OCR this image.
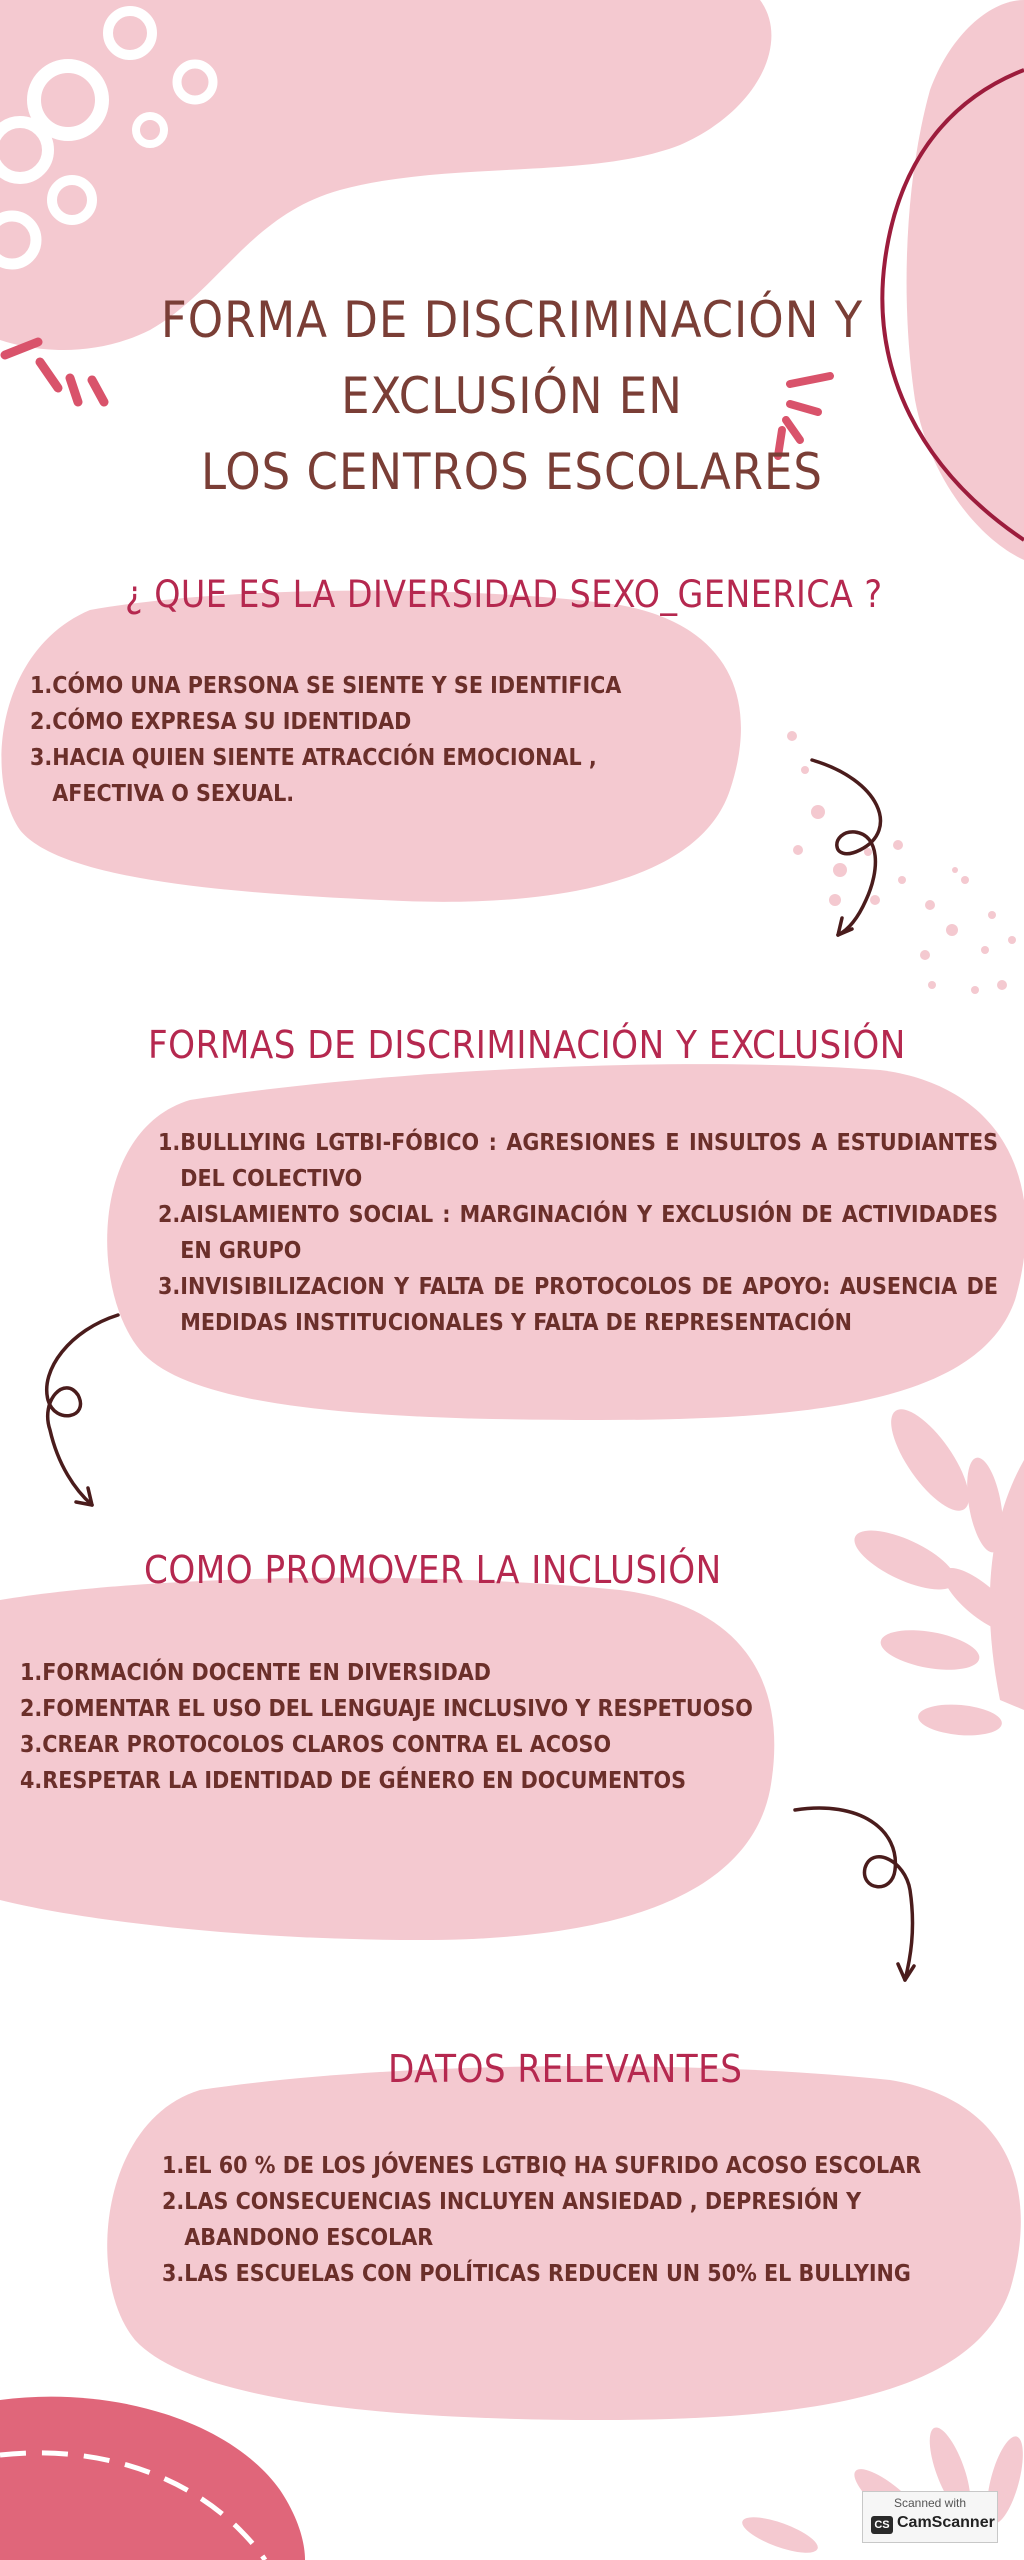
FORMA DE DISCRIMINACIÓN Y EXCLUSIÓN EN
LOS CENTROS ESCOLARES
¿ QUE ES LA DIVERSIDAD SEXO_GENERICA ?
1. CÓMO UNA PERSONA SE SIENTE Y SE IDENTIFICA
2. CÓMO EXPRESA SU IDENTIDAD
3. HACIA QUIEN SIENTE ATRACCIÓN EMOCIONAL , AFECTIVA O SEXUAL.
FORMAS DE DISCRIMINACIÓN Y EXCLUSIÓN
1. BULLLYING LGTBI-FÓBICO : AGRESIONES E INSULTOS A ESTUDIANTES DEL COLECTIVO
2. AISLAMIENTO SOCIAL : MARGINACIÓN Y EXCLUSIÓN DE ACTIVIDADES EN GRUPO
3. INVISIBILIZACION Y FALTA DE PROTOCOLOS DE APOYO: AUSENCIA DE MEDIDAS INSTITUCIONALES Y FALTA DE REPRESENTACIÓN
COMO PROMOVER LA INCLUSIÓN
1. FORMACIÓN DOCENTE EN DIVERSIDAD
2. FOMENTAR EL USO DEL LENGUAJE INCLUSIVO Y RESPETUOSO
3. CREAR PROTOCOLOS CLAROS CONTRA EL ACOSO
4. RESPETAR LA IDENTIDAD DE GÉNERO EN DOCUMENTOS
DATOS RELEVANTES
1. EL 60 % DE LOS JÓVENES LGTBIQ HA SUFRIDO ACOSO ESCOLAR
2. LAS CONSECUENCIAS INCLUYEN ANSIEDAD , DEPRESIÓN Y ABANDONO ESCOLAR
3. LAS ESCUELAS CON POLÍTICAS REDUCEN UN 50% EL BULLYING
Scanned with
CS CamScanner
